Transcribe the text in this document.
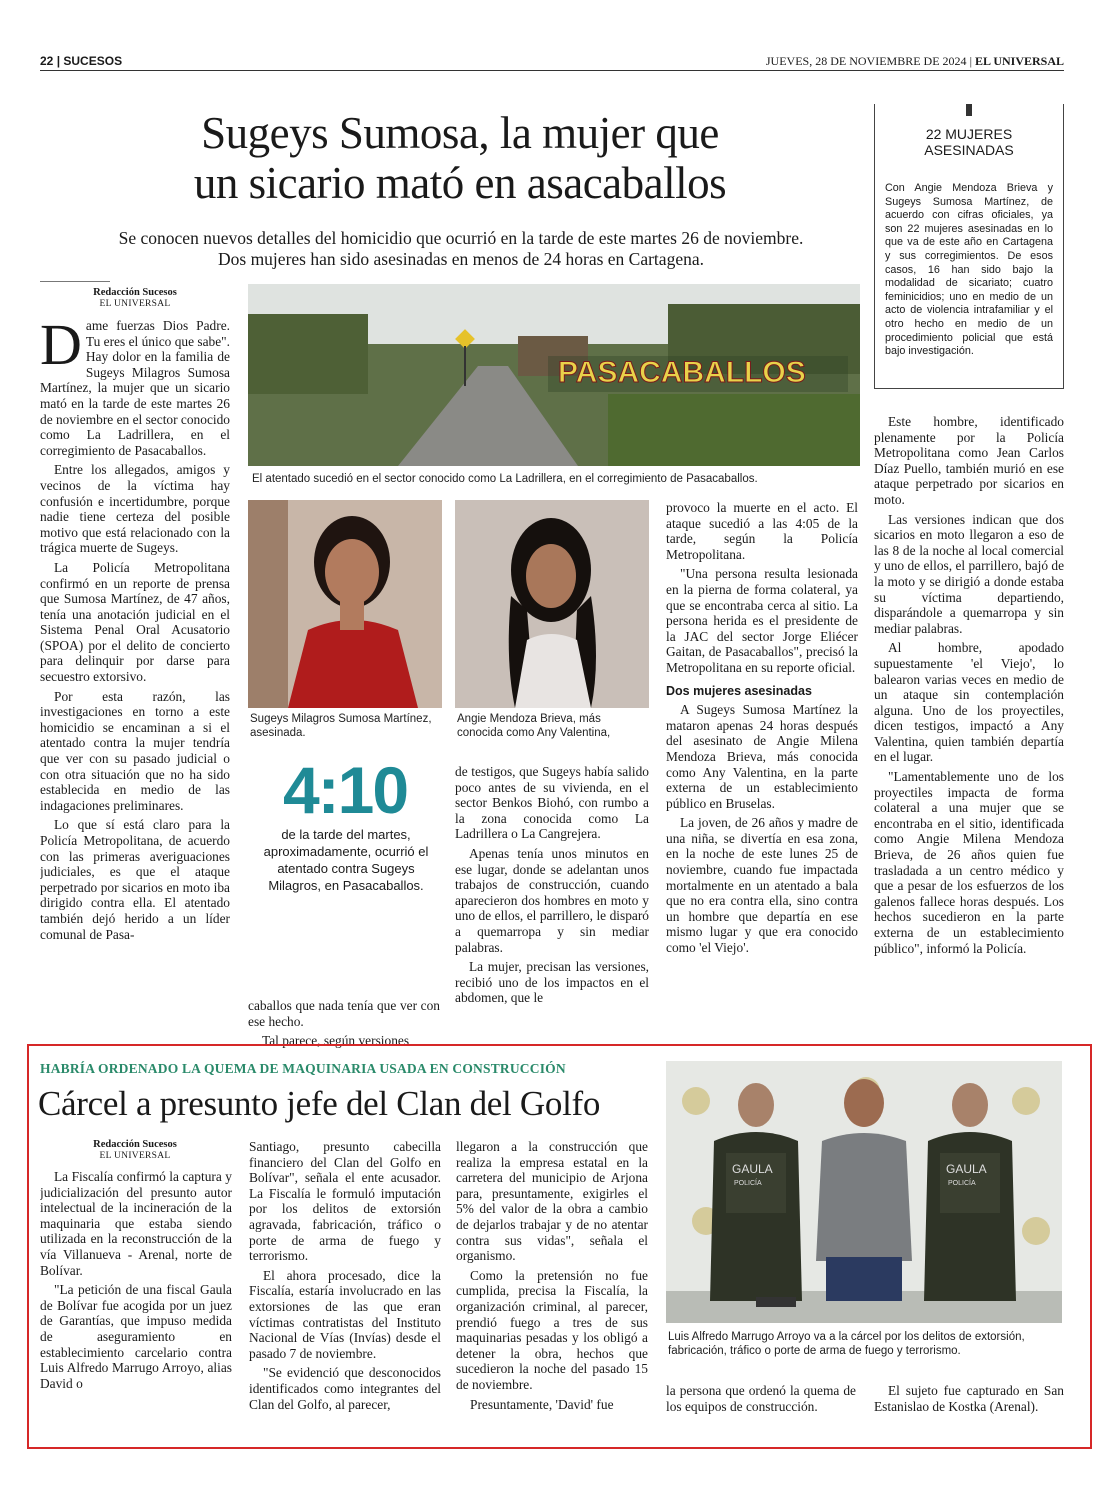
22 | SUCESOS	JUEVES, 28 DE NOVIEMBRE DE 2024 | EL UNIVERSAL
Sugeys Sumosa, la mujer que
un sicario mató en asacaballos
Se conocen nuevos detalles del homicidio que ocurrió en la tarde de este martes 26 de noviembre. Dos mujeres han sido asesinadas en menos de 24 horas en Cartagena.
22 MUJERES
ASESINADAS
Con Angie Mendoza Brieva y Sugeys Sumosa Martínez, de acuerdo con cifras oficiales, ya son 22 mujeres asesinadas en lo que va de este año en Cartagena y sus corregimientos. De esos casos, 16 han sido bajo la modalidad de sicariato; cuatro feminicidios; uno en medio de un acto de violencia intrafamiliar y el otro hecho en medio de un procedimiento policial que está bajo investigación.
Redacción Sucesos
EL UNIVERSAL

Dame fuerzas Dios Padre. Tu eres el único que sabe". Hay dolor en la familia de Sugeys Milagros Sumosa Martínez, la mujer que un sicario mató en la tarde de este martes 26 de noviembre en el sector conocido como La Ladrillera, en el corregimiento de Pasacaballos.

Entre los allegados, amigos y vecinos de la víctima hay confusión e incertidumbre, porque nadie tiene certeza del posible motivo que está relacionado con la trágica muerte de Sugeys.

La Policía Metropolitana confirmó en un reporte de prensa que Sumosa Martínez, de 47 años, tenía una anotación judicial en el Sistema Penal Oral Acusatorio (SPOA) por el delito de concierto para delinquir por darse para secuestro extorsivo.

Por esta razón, las investigaciones en torno a este homicidio se encaminan a si el atentado contra la mujer tendría que ver con su pasado judicial o con otra situación que no ha sido establecida en medio de las indagaciones preliminares.

Lo que sí está claro para la Policía Metropolitana, de acuerdo con las primeras averiguaciones judiciales, es que el ataque perpetrado por sicarios en moto iba dirigido contra ella. El atentado también dejó herido a un líder comunal de Pasa-

PASACABALLOS
El atentado sucedió en el sector conocido como La Ladrillera, en el corregimiento de Pasacaballos.
Sugeys Milagros Sumosa Martínez, asesinada.
Angie Mendoza Brieva, más conocida como Any Valentina,
4:10
de la tarde del martes, aproximadamente, ocurrió el atentado contra Sugeys Milagros, en Pasacaballos.

caballos que nada tenía que ver con ese hecho.

Tal parece, según versiones

de testigos, que Sugeys había salido poco antes de su vivienda, en el sector Benkos Biohó, con rumbo a la zona conocida como La Ladrillera o La Cangrejera.

Apenas tenía unos minutos en ese lugar, donde se adelantan unos trabajos de construcción, cuando aparecieron dos hombres en moto y uno de ellos, el parrillero, le disparó a quemarropa y sin mediar palabras.

La mujer, precisan las versiones, recibió uno de los impactos en el abdomen, que le

provoco la muerte en el acto. El ataque sucedió a las 4:05 de la tarde, según la Policía Metropolitana.

"Una persona resulta lesionada en la pierna de forma colateral, ya que se encontraba cerca al sitio. La persona herida es el presidente de la JAC del sector Jorge Eliécer Gaitan, de Pasacaballos", precisó la Metropolitana en su reporte oficial.

Dos mujeres asesinadas

A Sugeys Sumosa Martínez la mataron apenas 24 horas después del asesinato de Angie Milena Mendoza Brieva, más conocida como Any Valentina, en la parte externa de un establecimiento público en Bruselas.

La joven, de 26 años y madre de una niña, se divertía en esa zona, en la noche de este lunes 25 de noviembre, cuando fue impactada mortalmente en un atentado a bala que no era contra ella, sino contra un hombre que departía en ese mismo lugar y que era conocido como 'el Viejo'.

Este hombre, identificado plenamente por la Policía Metropolitana como Jean Carlos Díaz Puello, también murió en ese ataque perpetrado por sicarios en moto.

Las versiones indican que dos sicarios en moto llegaron a eso de las 8 de la noche al local comercial y uno de ellos, el parrillero, bajó de la moto y se dirigió a donde estaba su víctima departiendo, disparándole a quemarropa y sin mediar palabras.

Al hombre, apodado supuestamente 'el Viejo', lo balearon varias veces en medio de un ataque sin contemplación alguna. Uno de los proyectiles, dicen testigos, impactó a Any Valentina, quien también departía en el lugar.

"Lamentablemente uno de los proyectiles impacta de forma colateral a una mujer que se encontraba en el sitio, identificada como Angie Milena Mendoza Brieva, de 26 años quien fue trasladada a un centro médico y que a pesar de los esfuerzos de los galenos fallece horas después. Los hechos sucedieron en la parte externa de un establecimiento público", informó la Policía.

HABRÍA ORDENADO LA QUEMA DE MAQUINARIA USADA EN CONSTRUCCIÓN
Cárcel a presunto jefe del Clan del Golfo
Redacción Sucesos
EL UNIVERSAL

La Fiscalía confirmó la captura y judicialización del presunto autor intelectual de la incineración de la maquinaria que estaba siendo utilizada en la reconstrucción de la vía Villanueva - Arenal, norte de Bolívar.

"La petición de una fiscal Gaula de Bolívar fue acogida por un juez de Garantías, que impuso medida de aseguramiento en establecimiento carcelario contra Luis Alfredo Marrugo Arroyo, alias David o

Santiago, presunto cabecilla financiero del Clan del Golfo en Bolívar", señala el ente acusador. La Fiscalía le formuló imputación por los delitos de extorsión agravada, fabricación, tráfico o porte de arma de fuego y terrorismo.

El ahora procesado, dice la Fiscalía, estaría involucrado en las extorsiones de las que eran víctimas contratistas del Instituto Nacional de Vías (Invías) desde el pasado 7 de noviembre.

"Se evidenció que desconocidos identificados como integrantes del Clan del Golfo, al parecer,

llegaron a la construcción que realiza la empresa estatal en la carretera del municipio de Arjona para, presuntamente, exigirles el 5% del valor de la obra a cambio de dejarlos trabajar y de no atentar contra sus vidas", señala el organismo.

Como la pretensión no fue cumplida, precisa la Fiscalía, la organización criminal, al parecer, prendió fuego a tres de sus maquinarias pesadas y los obligó a detener la obra, hechos que sucedieron la noche del pasado 15 de noviembre.

Presuntamente, 'David' fue

GAULA
POLICÍA
GAULA
POLICÍA
Luis Alfredo Marrugo Arroyo va a la cárcel por los delitos de extorsión, fabricación, tráfico o porte de arma de fuego y terrorismo.

la persona que ordenó la quema de los equipos de construcción.

El sujeto fue capturado en San Estanislao de Kostka (Arenal).
